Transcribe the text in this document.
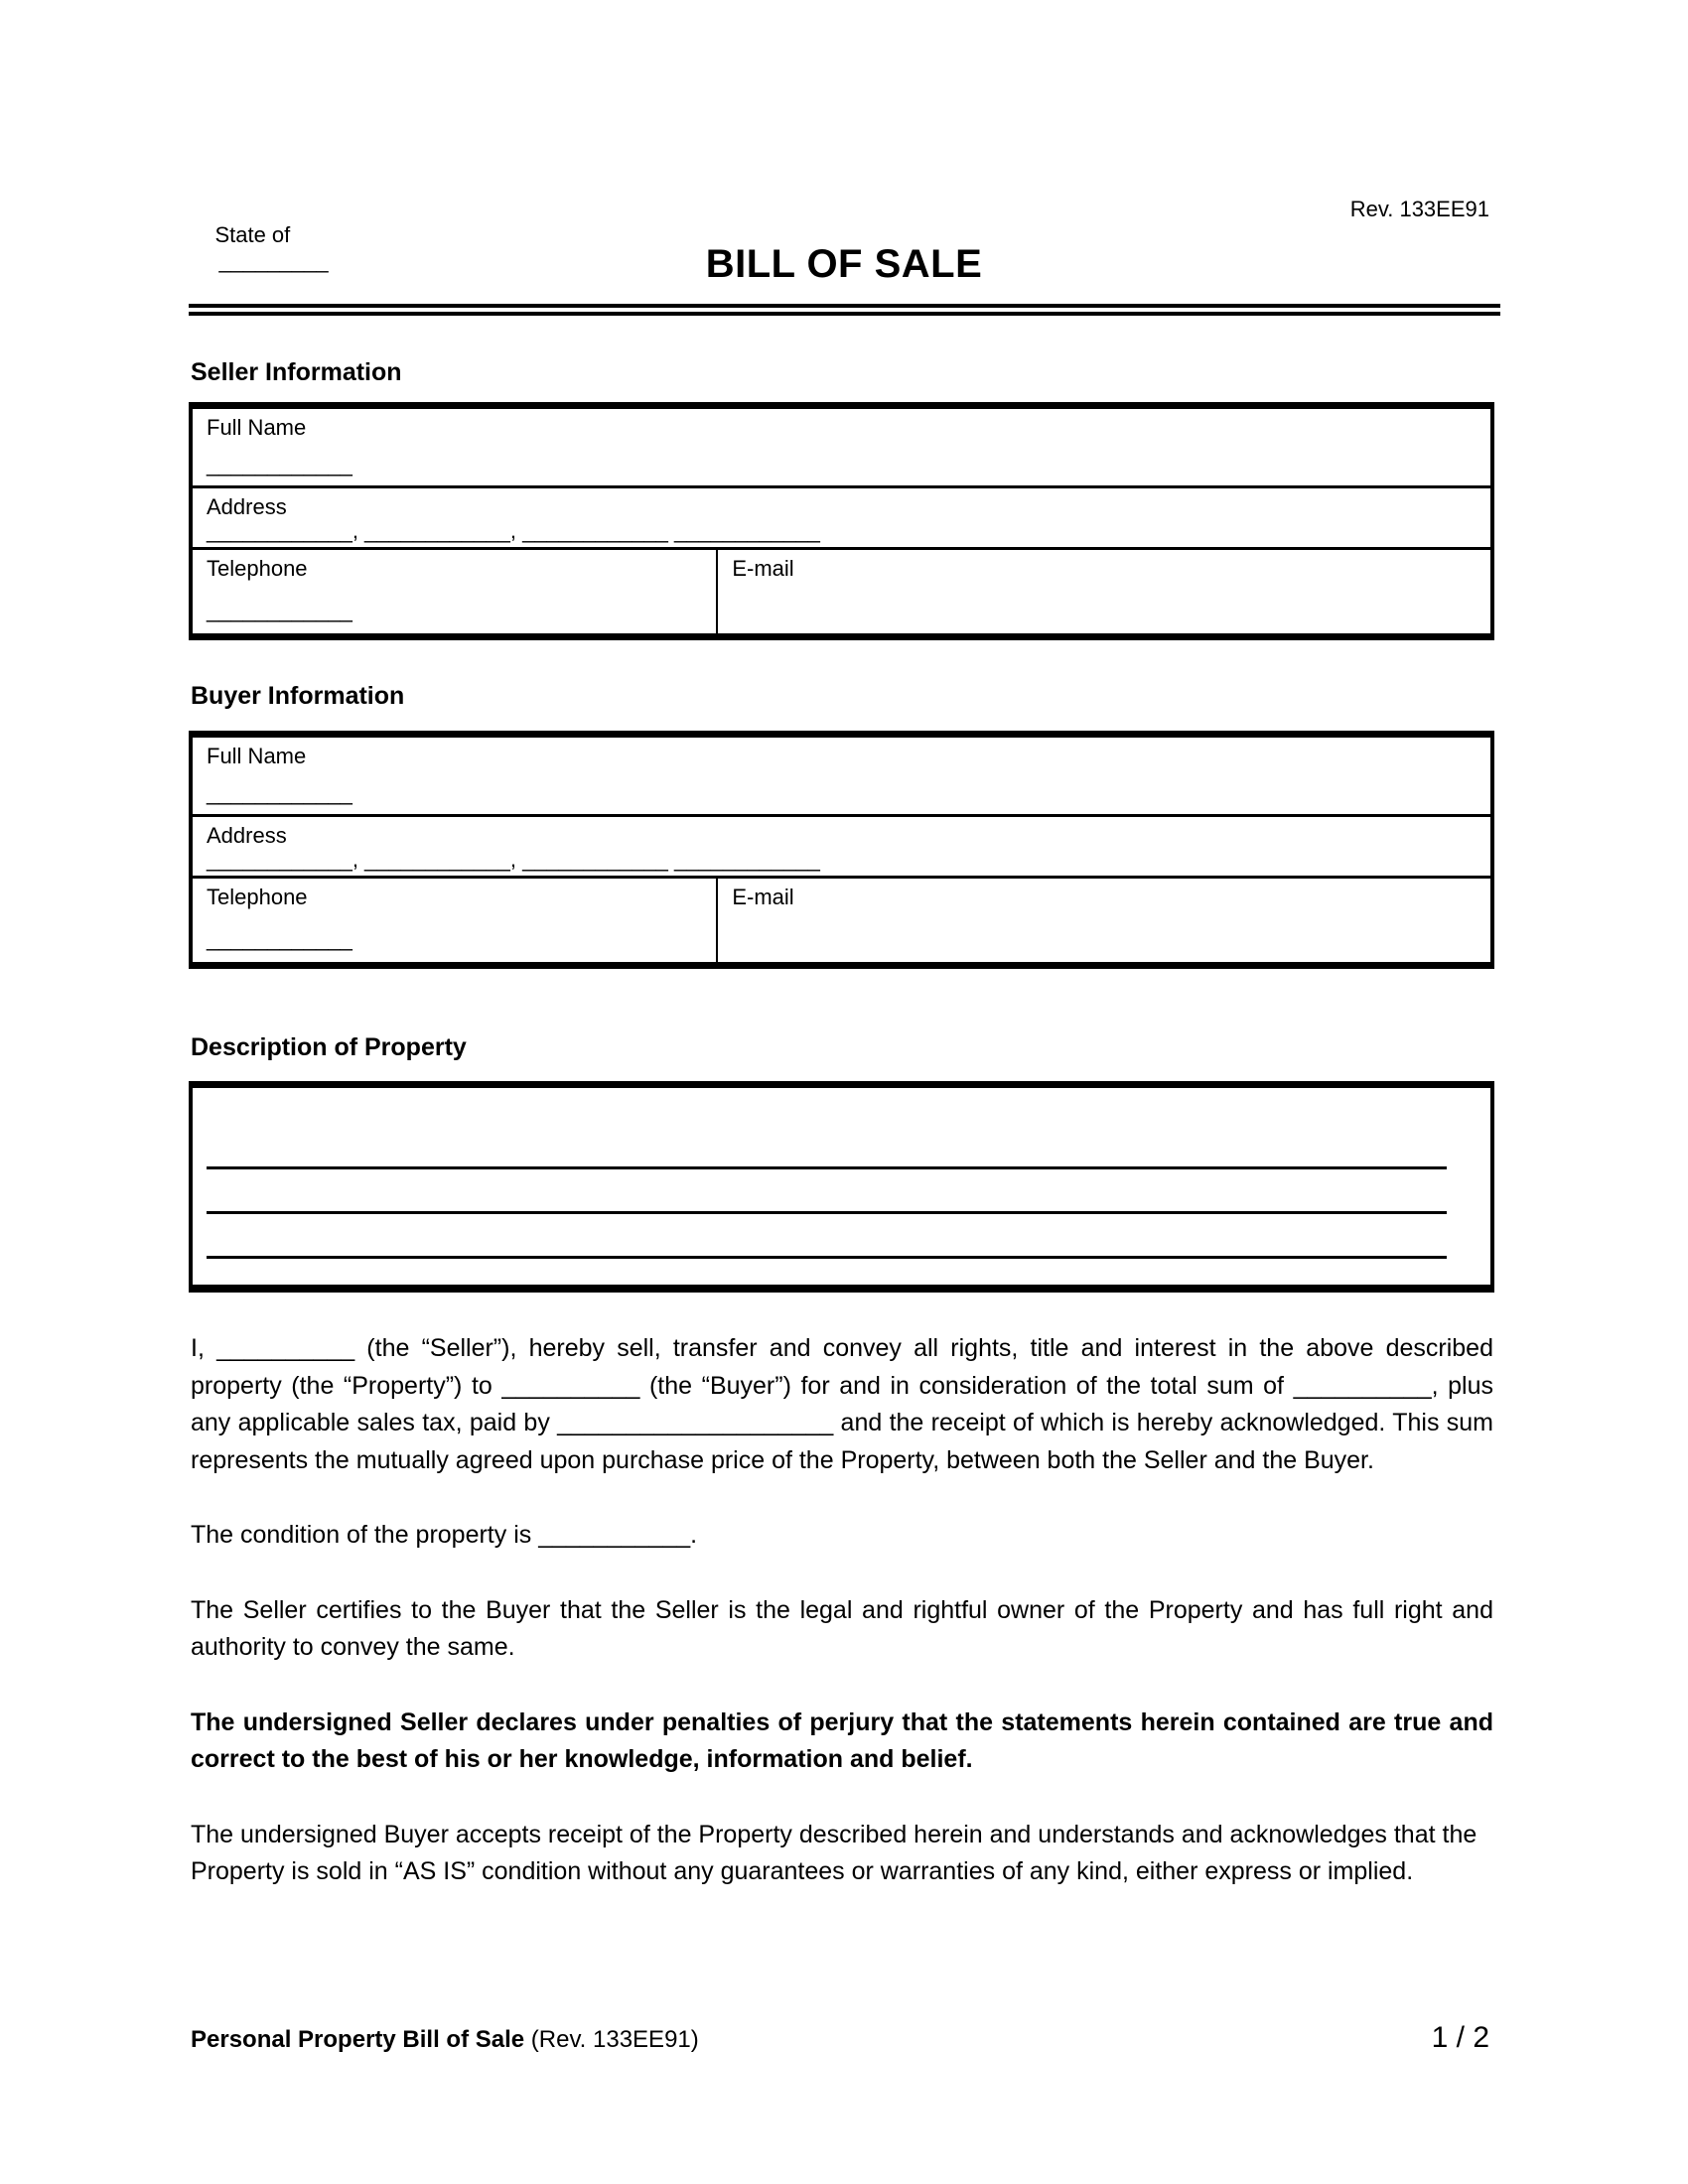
State of
_________

Rev. 133EE91
BILL OF SALE
Seller Information
Full Name
____________
Address
____________, ____________, ____________ ____________
Telephone
____________
E-mail
Buyer Information
Full Name
____________
Address
____________, ____________, ____________ ____________
Telephone
____________
E-mail
Description of Property

I, __________ (the “Seller”), hereby sell, transfer and convey all rights, title and interest in the above described property (the “Property”) to __________ (the “Buyer”) for and in consideration of the total sum of __________, plus any applicable sales tax, paid by ____________________ and the receipt of which is hereby acknowledged. This sum represents the mutually agreed upon purchase price of the Property, between both the Seller and the Buyer.

The condition of the property is ___________.

The Seller certifies to the Buyer that the Seller is the legal and rightful owner of the Property and has full right and authority to convey the same.

The undersigned Seller declares under penalties of perjury that the statements herein contained are true and correct to the best of his or her knowledge, information and belief.

The undersigned Buyer accepts receipt of the Property described herein and understands and acknowledges that the Property is sold in “AS IS” condition without any guarantees or warranties of any kind, either express or implied.

Personal Property Bill of Sale (Rev. 133EE91)	1 / 2
